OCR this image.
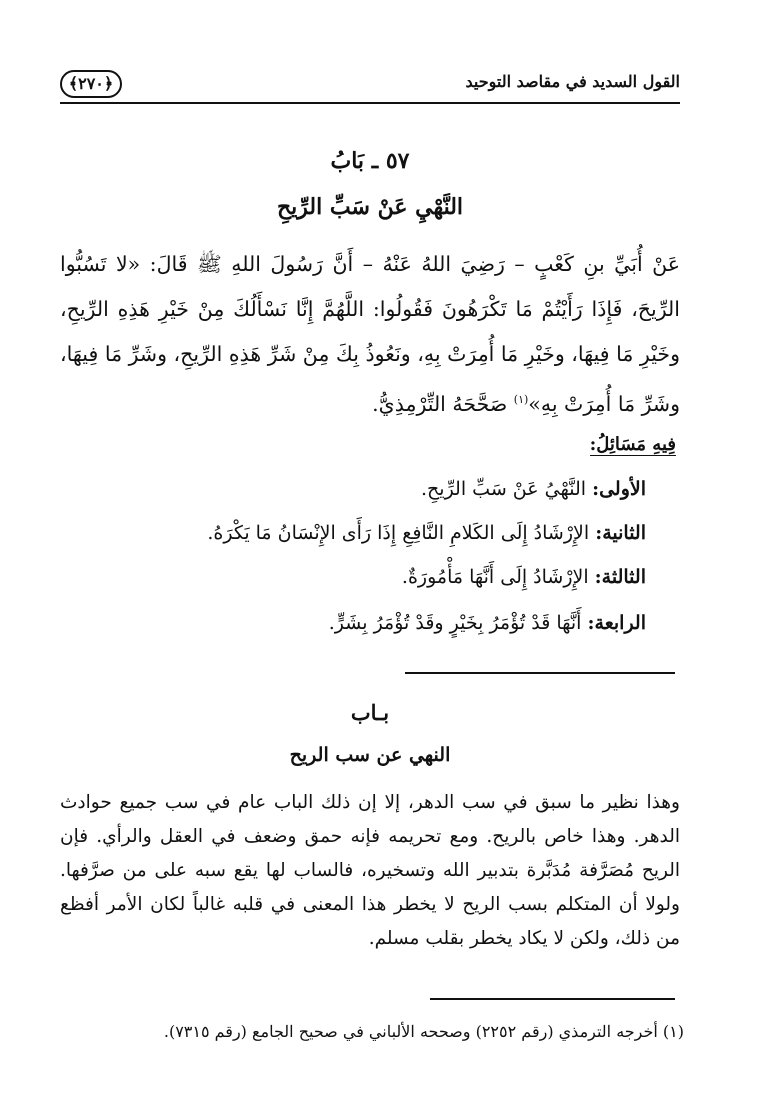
القول السديد في مقاصد التوحيد
﴿٢٧٠﴾
٥٧ ـ بَابُ
النَّهْيِ عَنْ سَبِّ الرِّيحِ
عَنْ أُبَيِّ بنِ كَعْبٍ – رَضِيَ اللهُ عَنْهُ – أَنَّ رَسُولَ اللهِ ﷺ قَالَ: «لا تَسُبُّوا الرِّيحَ، فَإِذَا رَأَيْتُمْ مَا تَكْرَهُونَ فَقُولُوا: اللَّهُمَّ إِنَّا نَسْأَلُكَ مِنْ خَيْرِ هَذِهِ الرِّيحِ، وخَيْرِ مَا فِيهَا، وخَيْرِ مَا أُمِرَتْ بِهِ، ونَعُوذُ بِكَ مِنْ شَرِّ هَذِهِ الرِّيحِ، وشَرِّ مَا فِيهَا، وشَرِّ مَا أُمِرَتْ بِهِ»$^{(١)}$ صَحَّحَهُ التِّرْمِذِيُّ.
فِيهِ مَسَائِلُ:
الأولى: النَّهْيُ عَنْ سَبِّ الرِّيحِ.
الثانية: الإِرْشَادُ إِلَى الكَلامِ النَّافِعِ إِذَا رَأَى الإِنْسَانُ مَا يَكْرَهُ.
الثالثة: الإِرْشَادُ إِلَى أَنَّهَا مَأْمُورَةٌ.
الرابعة: أَنَّهَا قَدْ تُؤْمَرُ بِخَيْرٍ وقَدْ تُؤْمَرُ بِشَرٍّ.
بـاب
النهي عن سب الريح
وهذا نظير ما سبق في سب الدهر، إلا إن ذلك الباب عام في سب جميع حوادث الدهر. وهذا خاص بالريح. ومع تحريمه فإنه حمق وضعف في العقل والرأي. فإن الريح مُصَرَّفة مُدَبَّرة بتدبير الله وتسخيره، فالساب لها يقع سبه على من صرَّفها. ولولا أن المتكلم بسب الريح لا يخطر هذا المعنى في قلبه غالباً لكان الأمر أفظع من ذلك، ولكن لا يكاد يخطر بقلب مسلم.
(١) أخرجه الترمذي (رقم ٢٢٥٢) وصححه الألباني في صحيح الجامع (رقم ٧٣١٥).
